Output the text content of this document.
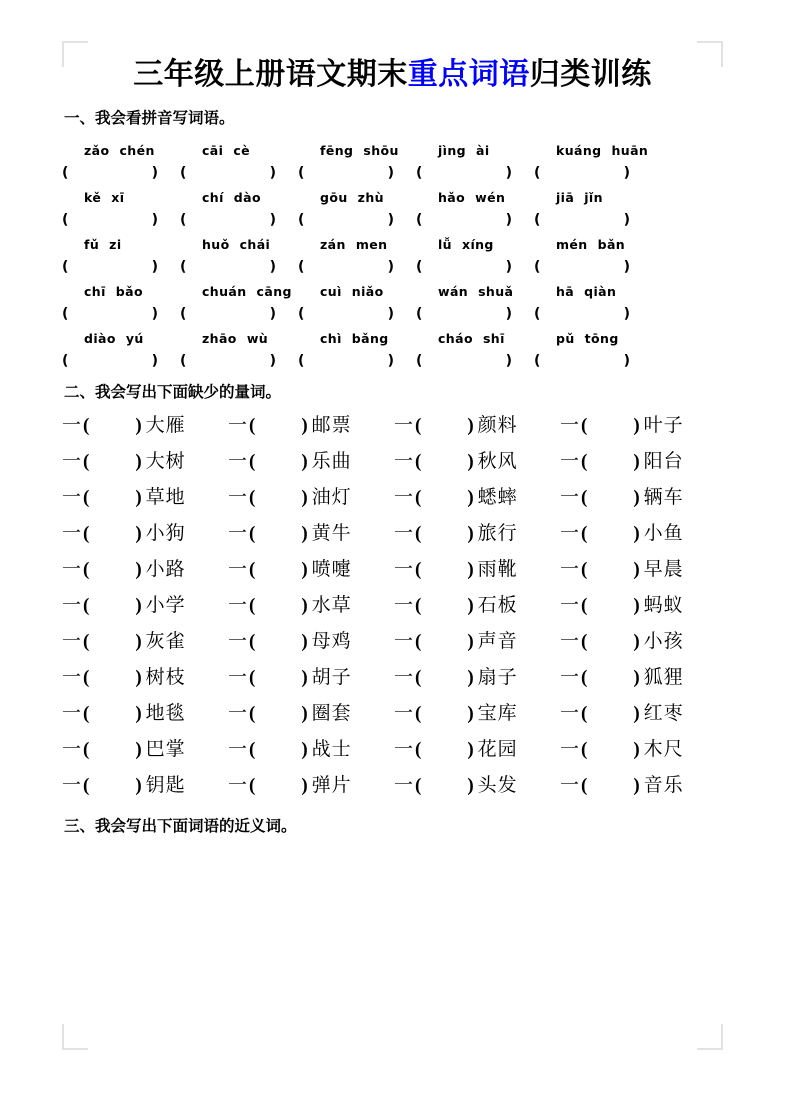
三年级上册语文期末重点词语归类训练
一、我会看拼音写词语。
zǎo chén	cāi cè	fēng shōu	jìng ài	kuáng huān
(	) (	) (	) (	) (	)
kě xī	chí dào	gōu zhù	hǎo wén	jiā jǐn
(	) (	) (	) (	) (	)
fǔ zi	huǒ chái	zán men	lǚ xíng	mén bǎn
(	) (	) (	) (	) (	)
chī bǎo	chuán cāng	cuì niǎo	wán shuǎ	hā qiàn
(	) (	) (	) (	) (	)
diào yú	zhāo wù	chì bǎng	cháo shī	pǔ tōng
(	) (	) (	) (	) (	)
二、我会写出下面缺少的量词。
一 ( ) 大雁 一 ( ) 邮票 一 ( ) 颜料 一 ( ) 叶子
一 ( ) 大树 一 ( ) 乐曲 一 ( ) 秋风 一 ( ) 阳台
一 ( ) 草地 一 ( ) 油灯 一 ( ) 蟋蟀 一 ( ) 辆车
一 ( ) 小狗 一 ( ) 黄牛 一 ( ) 旅行 一 ( ) 小鱼
一 ( ) 小路 一 ( ) 喷嚏 一 ( ) 雨靴 一 ( ) 早晨
一 ( ) 小学 一 ( ) 水草 一 ( ) 石板 一 ( ) 蚂蚁
一 ( ) 灰雀 一 ( ) 母鸡 一 ( ) 声音 一 ( ) 小孩
一 ( ) 树枝 一 ( ) 胡子 一 ( ) 扇子 一 ( ) 狐狸
一 ( ) 地毯 一 ( ) 圈套 一 ( ) 宝库 一 ( ) 红枣
一 ( ) 巴掌 一 ( ) 战士 一 ( ) 花园 一 ( ) 木尺
一 ( ) 钥匙 一 ( ) 弹片 一 ( ) 头发 一 ( ) 音乐
三、我会写出下面词语的近义词。
